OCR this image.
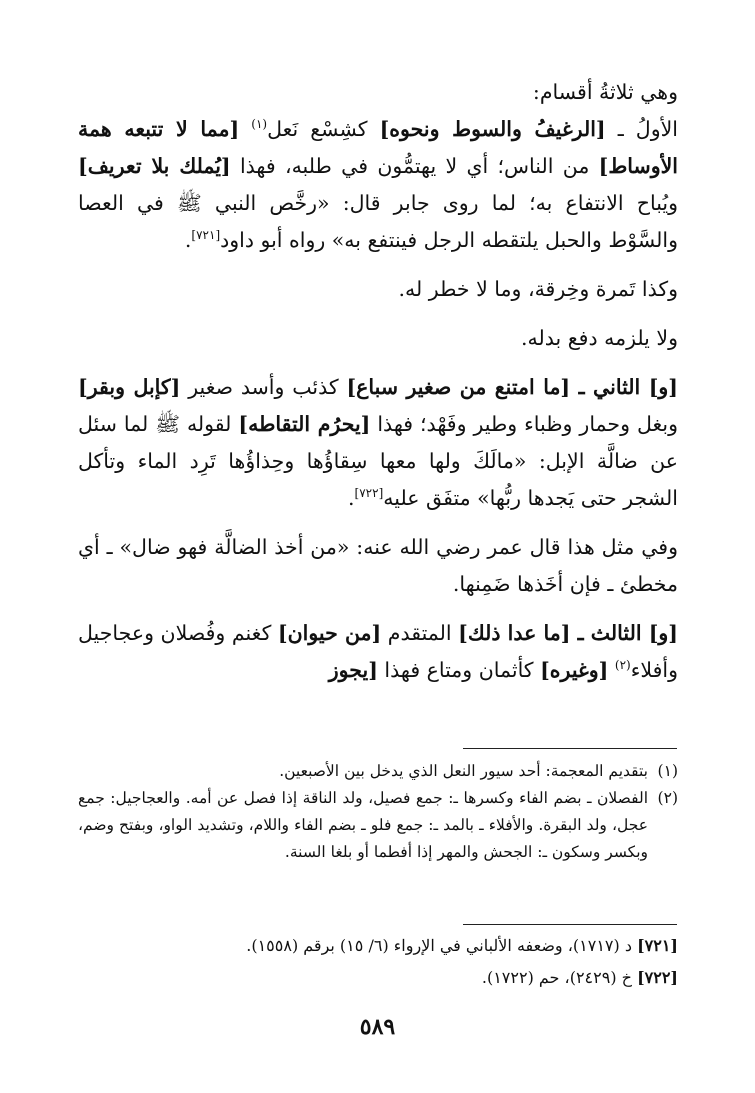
وهي ثلاثةُ أقسام:

الأولُ ـ [الرغيفُ والسوط ونحوه] كشِسْع نَعل$^{(١)}$ [مما لا تتبعه همة الأوساط] من الناس؛ أي لا يهتمُّون في طلبه، فهذا [يُملك بلا تعريف] ويُباح الانتفاع به؛ لما روى جابر قال: «رخَّص النبي ﷺ في العصا والسَّوْط والحبل يلتقطه الرجل فينتفع به» رواه أبو داود[٧٢١].

وكذا تَمرة وخِرقة، وما لا خطر له.

ولا يلزمه دفع بدله.

[و] الثاني ـ [ما امتنع من صغير سباع] كذئب وأسد صغير [كإبل وبقر] وبغل وحمار وظباء وطير وفَهْد؛ فهذا [يحرُم التقاطه] لقوله ﷺ لما سئل عن ضالَّة الإبل: «مالَكَ ولها معها سِقاؤُها وحِذاؤُها تَرِد الماء وتأكل الشجر حتى يَجدها ربُّها» متفَق عليه[٧٢٢].

وفي مثل هذا قال عمر رضي الله عنه: «من أخذ الضالَّة فهو ضال» ـ أي مخطئ ـ فإن أخَذها ضَمِنها.

[و] الثالث ـ [ما عدا ذلك] المتقدم [من حيوان] كغنم وفُصلان وعجاجيل وأفلاء$^{(٢)}$ [وغيره] كأثمان ومتاع فهذا [يجوز

(١)
بتقديم المعجمة: أحد سيور النعل الذي يدخل بين الأصبعين.
(٢)
الفصلان ـ بضم الفاء وكسرها ـ: جمع فصيل، ولد الناقة إذا فصل عن أمه. والعجاجيل: جمع عجل، ولد البقرة. والأفلاء ـ بالمد ـ: جمع فلو ـ بضم الفاء واللام، وتشديد الواو، وبفتح وضم، وبكسر وسكون ـ: الجحش والمهر إذا أفطما أو بلغا السنة.
[٧٢١] د (١٧١٧)، وضعفه الألباني في الإرواء (٦/ ١٥) برقم (١٥٥٨).
[٧٢٢] خ (٢٤٢٩)، حم (١٧٢٢).
٥٨٩
